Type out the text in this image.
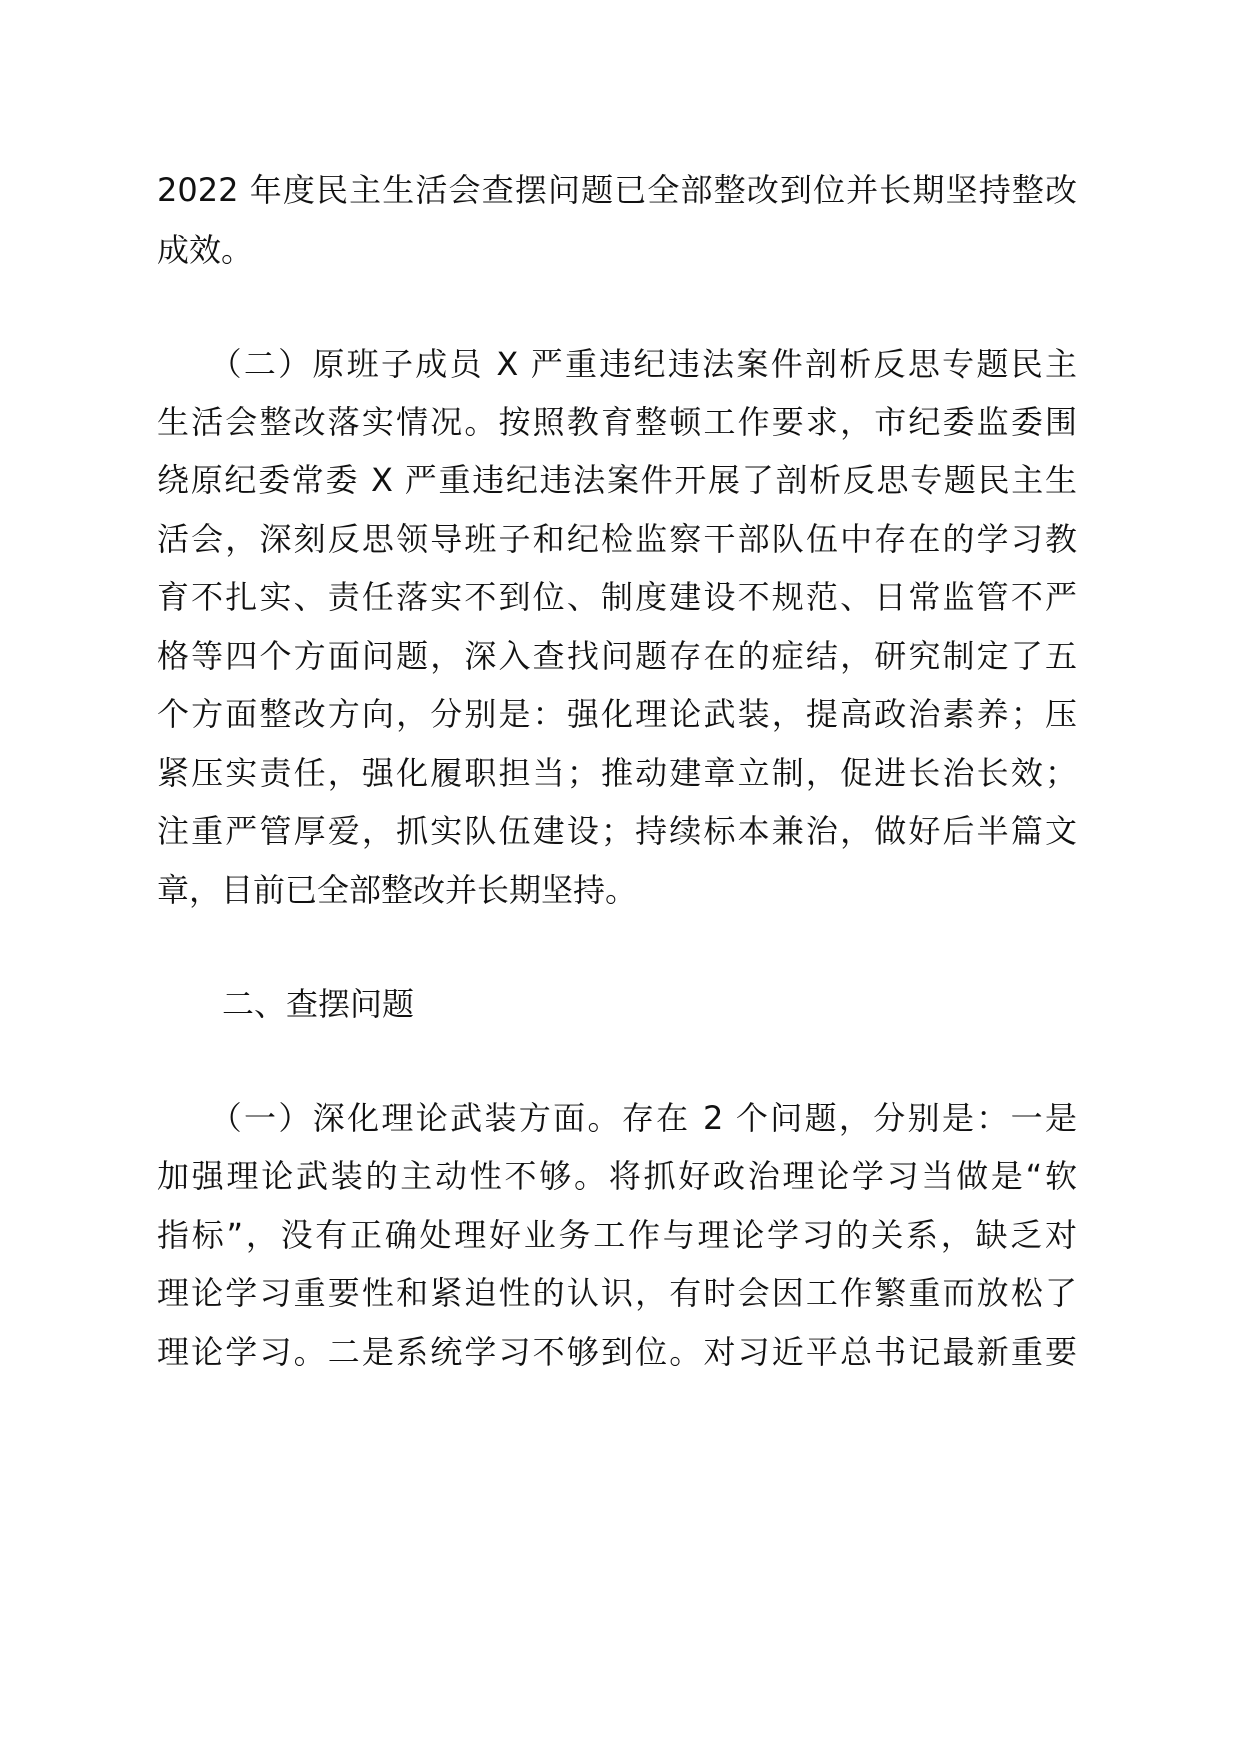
2022 年度民主生活会查摆问题已全部整改到位并长期坚持整改
成效。
　　（二）原班子成员 X 严重违纪违法案件剖析反思专题民主
生活会整改落实情况。按照教育整顿工作要求，市纪委监委围
绕原纪委常委 X 严重违纪违法案件开展了剖析反思专题民主生
活会，深刻反思领导班子和纪检监察干部队伍中存在的学习教
育不扎实、责任落实不到位、制度建设不规范、日常监管不严
格等四个方面问题，深入查找问题存在的症结，研究制定了五
个方面整改方向，分别是：强化理论武装，提高政治素养；压
紧压实责任，强化履职担当；推动建章立制，促进长治长效；
注重严管厚爱，抓实队伍建设；持续标本兼治，做好后半篇文
章，目前已全部整改并长期坚持。
二、查摆问题
　　（一）深化理论武装方面。存在 2 个问题，分别是：一是
加强理论武装的主动性不够。将抓好政治理论学习当做是“软
指标”，没有正确处理好业务工作与理论学习的关系，缺乏对
理论学习重要性和紧迫性的认识，有时会因工作繁重而放松了
理论学习。二是系统学习不够到位。对习近平总书记最新重要
